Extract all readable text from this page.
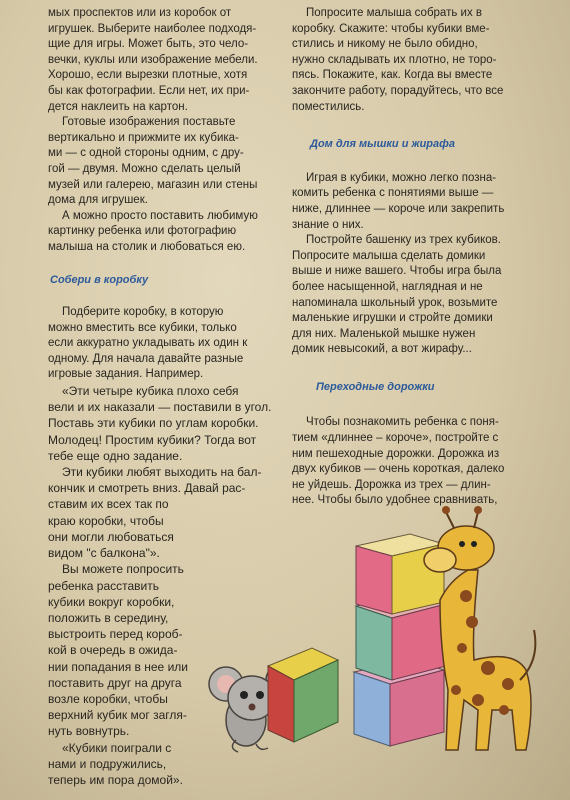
мых проспектов или из коробок от
игрушек. Выберите наиболее подходя-
щие для игры. Может быть, это чело-
вечки, куклы или изображение мебели.
Хорошо, если вырезки плотные, хотя
бы как фотографии. Если нет, их при-
дется наклеить на картон.

Готовые изображения поставьте
вертикально и прижмите их кубика-
ми — с одной стороны одним, с дру-
гой — двумя. Можно сделать целый
музей или галерею, магазин или стены
дома для игрушек.

А можно просто поставить любимую
картинку ребенка или фотографию
малыша на столик и любоваться ею.

Собери в коробку

Подберите коробку, в которую
можно вместить все кубики, только
если аккуратно укладывать их один к
одному. Для начала давайте разные
игровые задания. Например.

«Эти четыре кубика плохо себя
вели и их наказали — поставили в угол.
Поставь эти кубики по углам коробки.
Молодец! Простим кубики? Тогда вот
тебе еще одно задание.

Эти кубики любят выходить на бал-
кончик и смотреть вниз. Давай рас-
ставим их всех так по
краю коробки, чтобы
они могли любоваться
видом "с балкона"».

Вы можете попросить
ребенка расставить
кубики вокруг коробки,
положить в середину,
выстроить перед короб-
кой в очередь в ожида-
нии попадания в нее или
поставить друг на друга
возле коробки, чтобы
верхний кубик мог загля-
нуть вовнутрь.

«Кубики поиграли с
нами и подружились,
теперь им пора домой».

Попросите малыша собрать их в
коробку. Скажите: чтобы кубики вме-
стились и никому не было обидно,
нужно складывать их плотно, не торо-
пясь. Покажите, как. Когда вы вместе
закончите работу, порадуйтесь, что все
поместились.

Дом для мышки и жирафа

Играя в кубики, можно легко позна-
комить ребенка с понятиями выше —
ниже, длиннее — короче или закрепить
знание о них.

Постройте башенку из трех кубиков.
Попросите малыша сделать домики
выше и ниже вашего. Чтобы игра была
более насыщенной, наглядная и не
напоминала школьный урок, возьмите
маленькие игрушки и стройте домики
для них. Маленькой мышке нужен
домик невысокий, а вот жирафу...

Переходные дорожки

Чтобы познакомить ребенка с поня-
тием «длиннее – короче», постройте с
ним пешеходные дорожки. Дорожка из
двух кубиков — очень короткая, далеко
не уйдешь. Дорожка из трех — длин-
нее. Чтобы было удобнее сравнивать,
